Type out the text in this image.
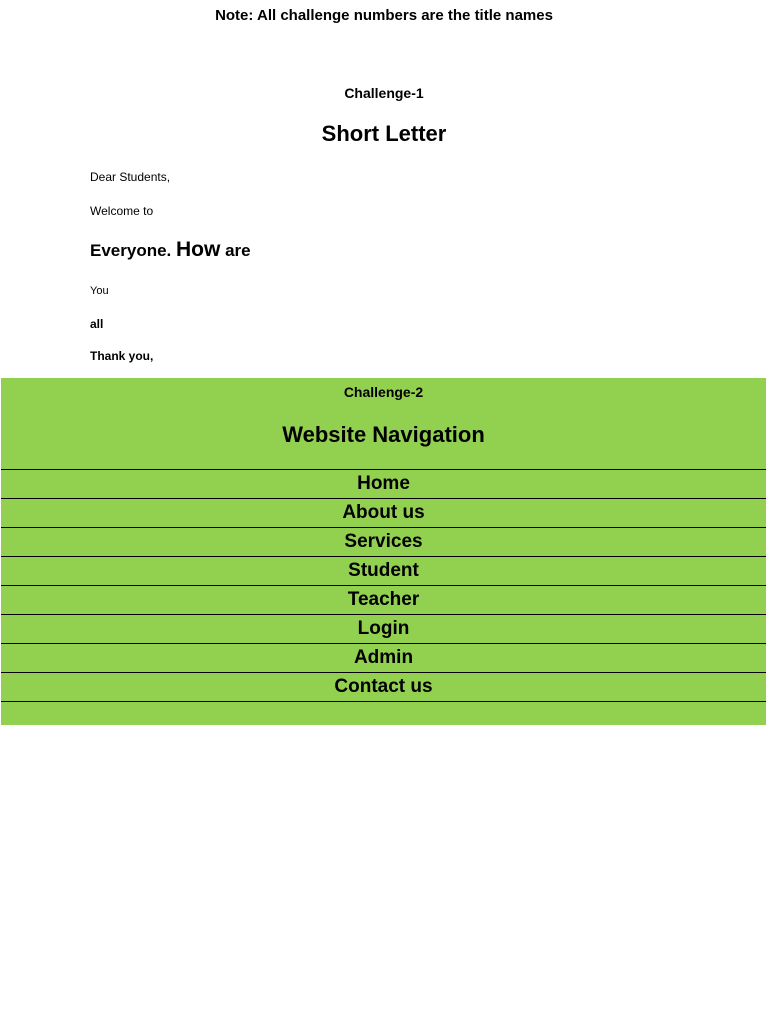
Note: All challenge numbers are the title names
Challenge-1
Short Letter
Dear Students,
Welcome to
Everyone. How are
You
all
Thank you,
Challenge-2
Website Navigation
Home
About us
Services
Student
Teacher
Login
Admin
Contact us
